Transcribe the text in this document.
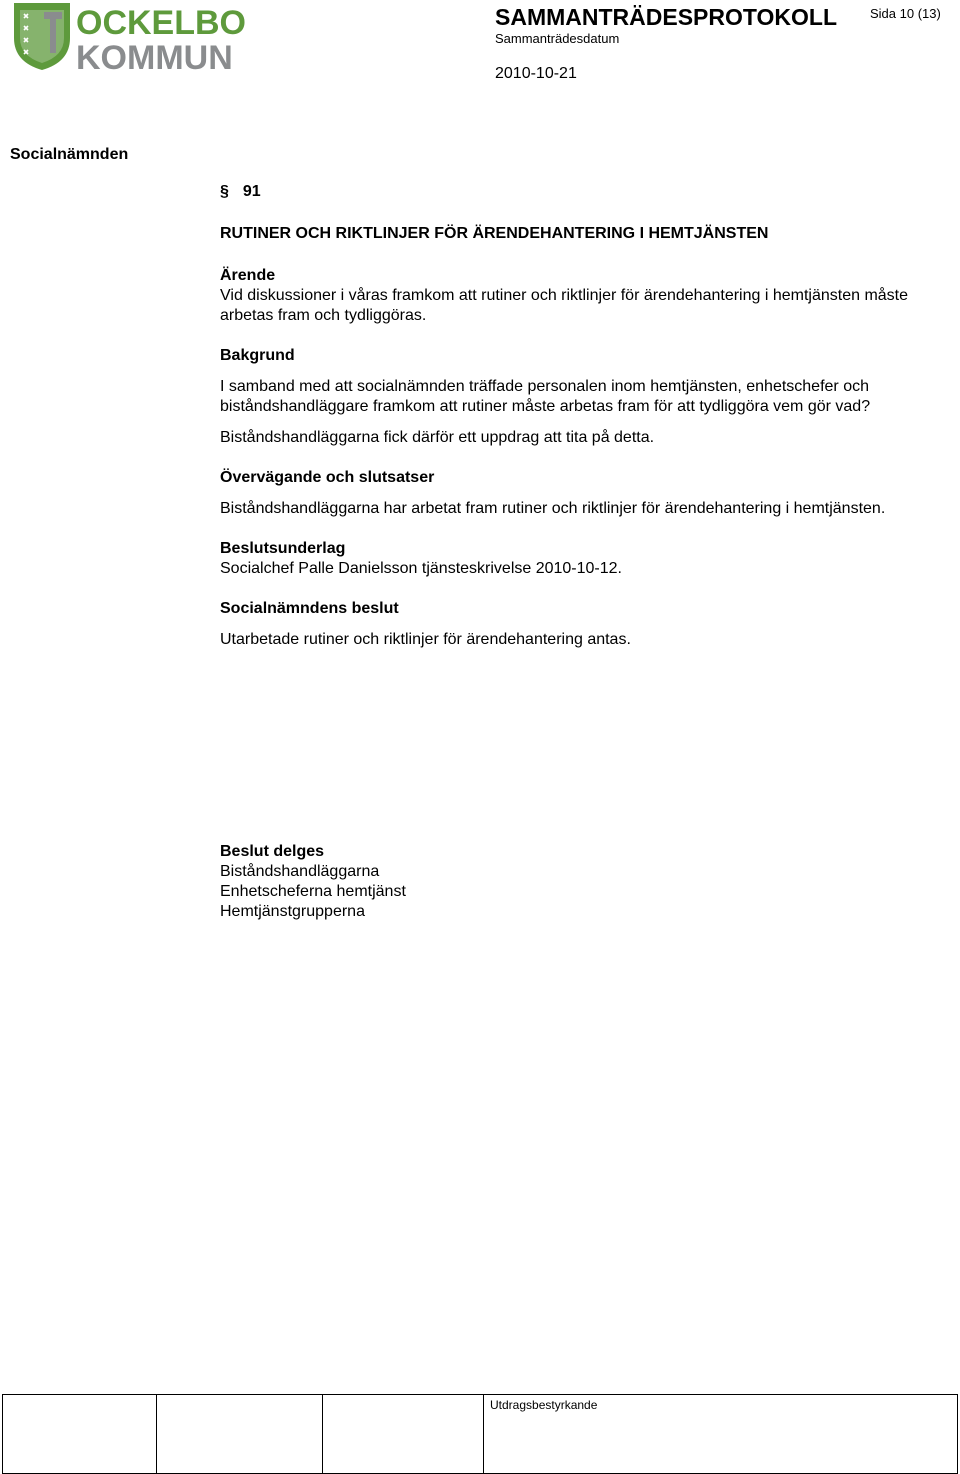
OCKELBO
KOMMUN
SAMMANTRÄDESPROTOKOLL	Sida 10 (13)
Sammanträdesdatum
2010-10-21
Socialnämnden
§ 91

RUTINER OCH RIKTLINJER FÖR ÄRENDEHANTERING I HEMTJÄNSTEN

Ärende

Vid diskussioner i våras framkom att rutiner och riktlinjer för ärendehantering i hemtjänsten måste arbetas fram och tydliggöras.

Bakgrund

I samband med att socialnämnden träffade personalen inom hemtjänsten, enhetschefer och biståndshandläggare framkom att rutiner måste arbetas fram för att tydliggöra vem gör vad?

Biståndshandläggarna fick därför ett uppdrag att tita på detta.

Övervägande och slutsatser

Biståndshandläggarna har arbetat fram rutiner och riktlinjer för ärendehantering i hemtjänsten.

Beslutsunderlag

Socialchef Palle Danielsson tjänsteskrivelse 2010-10-12.

Socialnämndens beslut

Utarbetade rutiner och riktlinjer för ärendehantering antas.

Beslut delges

Biståndshandläggarna

Enhetscheferna hemtjänst

Hemtjänstgrupperna

			Utdragsbestyrkande
